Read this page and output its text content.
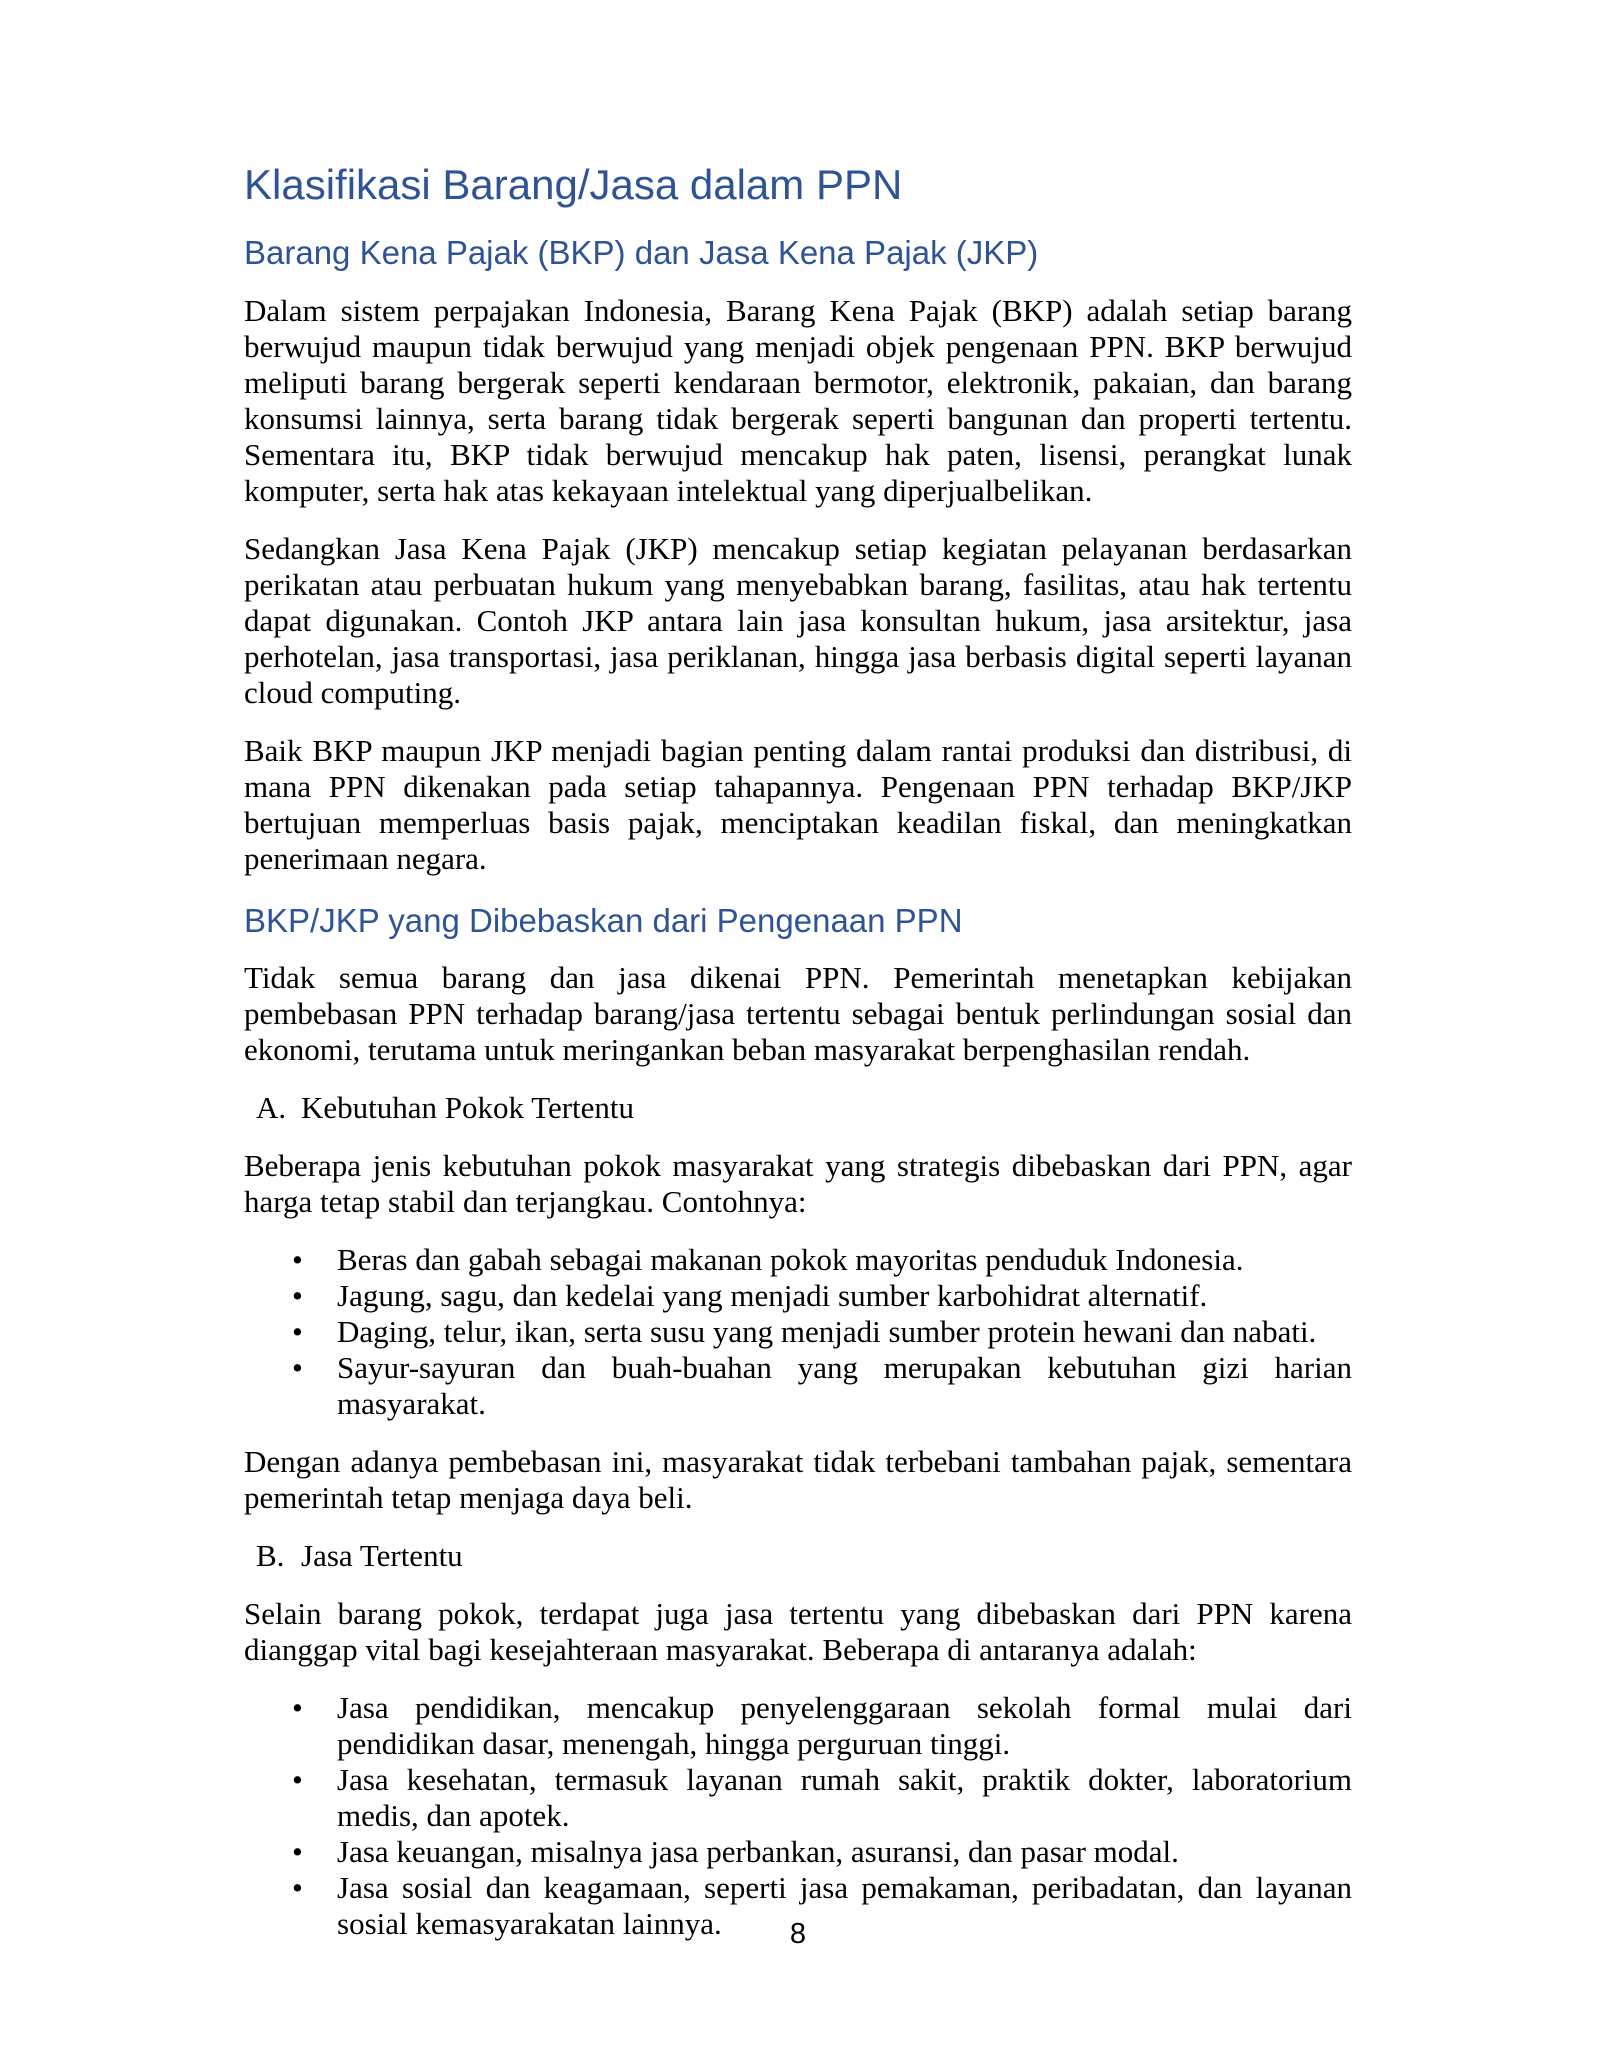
Klasifikasi Barang/Jasa dalam PPN
Barang Kena Pajak (BKP) dan Jasa Kena Pajak (JKP)

Dalam sistem perpajakan Indonesia, Barang Kena Pajak (BKP) adalah setiap barang berwujud maupun tidak berwujud yang menjadi objek pengenaan PPN. BKP berwujud meliputi barang bergerak seperti kendaraan bermotor, elektronik, pakaian, dan barang konsumsi lainnya, serta barang tidak bergerak seperti bangunan dan properti tertentu. Sementara itu, BKP tidak berwujud mencakup hak paten, lisensi, perangkat lunak komputer, serta hak atas kekayaan intelektual yang diperjualbelikan.

Sedangkan Jasa Kena Pajak (JKP) mencakup setiap kegiatan pelayanan berdasarkan perikatan atau perbuatan hukum yang menyebabkan barang, fasilitas, atau hak tertentu dapat digunakan. Contoh JKP antara lain jasa konsultan hukum, jasa arsitektur, jasa perhotelan, jasa transportasi, jasa periklanan, hingga jasa berbasis digital seperti layanan cloud computing.

Baik BKP maupun JKP menjadi bagian penting dalam rantai produksi dan distribusi, di mana PPN dikenakan pada setiap tahapannya. Pengenaan PPN terhadap BKP/JKP bertujuan memperluas basis pajak, menciptakan keadilan fiskal, dan meningkatkan penerimaan negara.

BKP/JKP yang Dibebaskan dari Pengenaan PPN

Tidak semua barang dan jasa dikenai PPN. Pemerintah menetapkan kebijakan pembebasan PPN terhadap barang/jasa tertentu sebagai bentuk perlindungan sosial dan ekonomi, terutama untuk meringankan beban masyarakat berpenghasilan rendah.

A. Kebutuhan Pokok Tertentu

Beberapa jenis kebutuhan pokok masyarakat yang strategis dibebaskan dari PPN, agar harga tetap stabil dan terjangkau. Contohnya:

• Beras dan gabah sebagai makanan pokok mayoritas penduduk Indonesia.
• Jagung, sagu, dan kedelai yang menjadi sumber karbohidrat alternatif.
• Daging, telur, ikan, serta susu yang menjadi sumber protein hewani dan nabati.
• Sayur-sayuran dan buah-buahan yang merupakan kebutuhan gizi harian masyarakat.

Dengan adanya pembebasan ini, masyarakat tidak terbebani tambahan pajak, sementara pemerintah tetap menjaga daya beli.

B. Jasa Tertentu

Selain barang pokok, terdapat juga jasa tertentu yang dibebaskan dari PPN karena dianggap vital bagi kesejahteraan masyarakat. Beberapa di antaranya adalah:

• Jasa pendidikan, mencakup penyelenggaraan sekolah formal mulai dari pendidikan dasar, menengah, hingga perguruan tinggi.
• Jasa kesehatan, termasuk layanan rumah sakit, praktik dokter, laboratorium medis, dan apotek.
• Jasa keuangan, misalnya jasa perbankan, asuransi, dan pasar modal.
• Jasa sosial dan keagamaan, seperti jasa pemakaman, peribadatan, dan layanan sosial kemasyarakatan lainnya.	8
